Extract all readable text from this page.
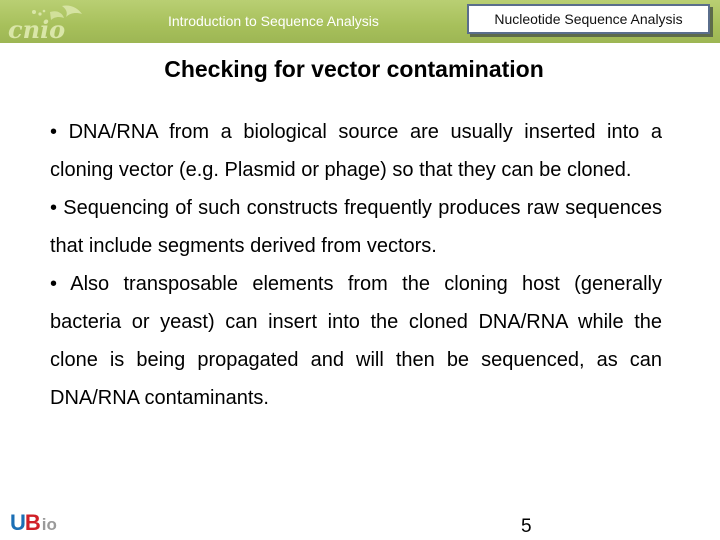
cnio	Introduction to Sequence Analysis	Nucleotide Sequence Analysis
Checking for vector contamination

• DNA/RNA from a biological source are usually inserted into a cloning vector (e.g. Plasmid or phage) so that they can be cloned.

• Sequencing of such constructs frequently produces raw sequences that include segments derived from vectors.

• Also transposable elements from the cloning host (generally bacteria or yeast) can insert into the cloned DNA/RNA while the clone is being propagated and will then be sequenced, as can DNA/RNA contaminants.

U B io	5
